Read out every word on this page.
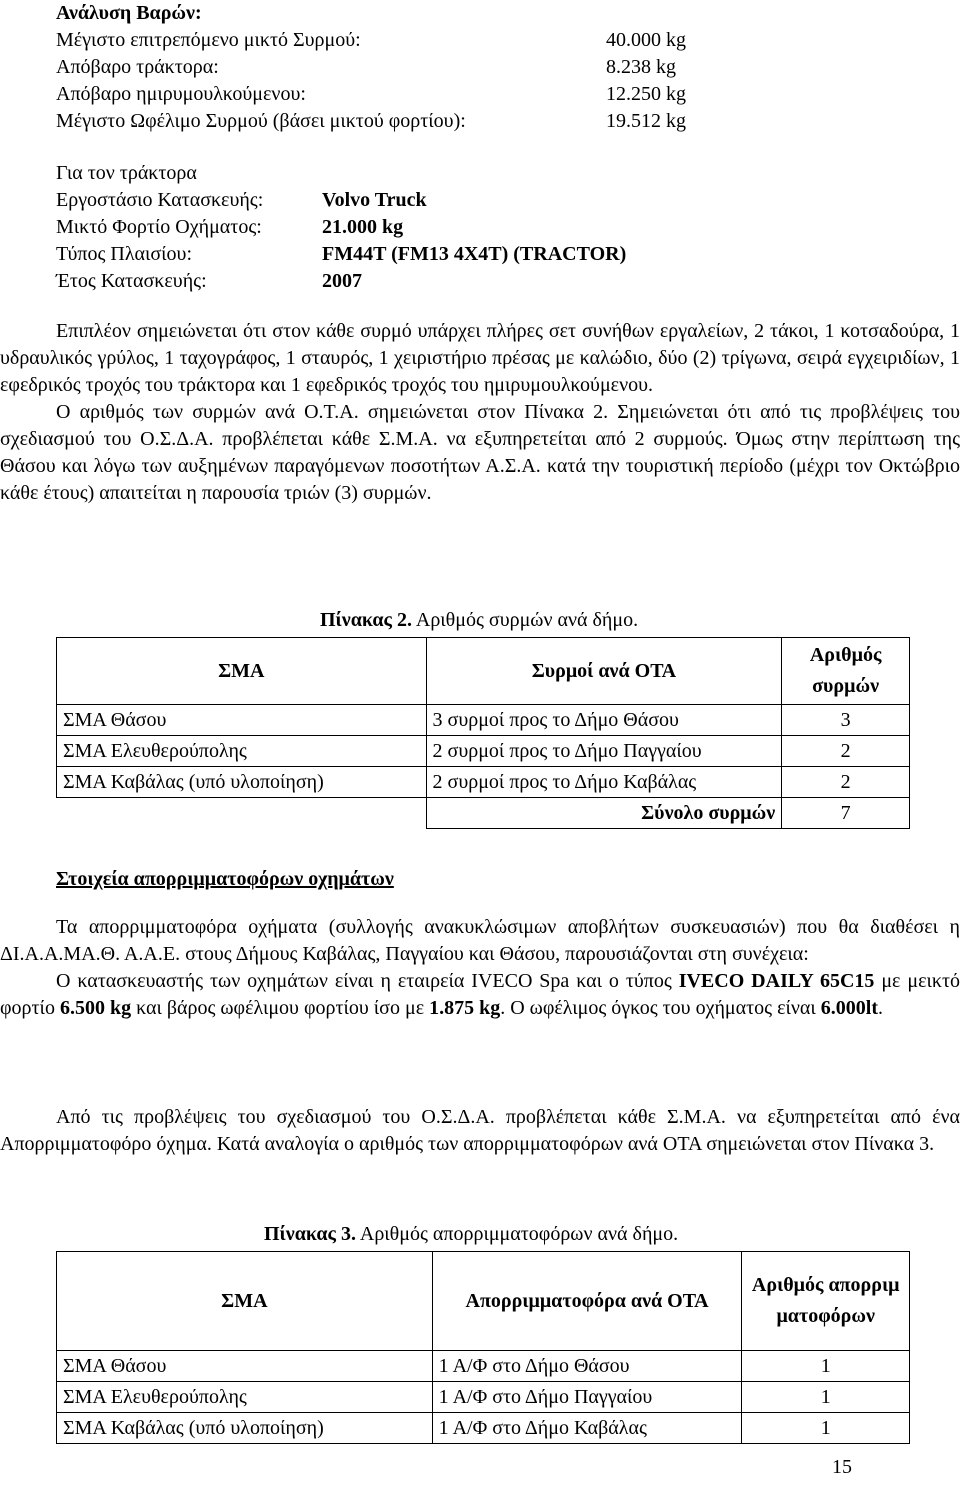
Ανάλυση Βαρών:
Μέγιστο επιτρεπόμενο μικτό Συρμού:	40.000 kg
Απόβαρο τράκτορα:	8.238 kg
Απόβαρο ημιρυμουλκούμενου:	12.250 kg
Μέγιστο Ωφέλιμο Συρμού (βάσει μικτού φορτίου):	19.512 kg
Για τον τράκτορα
Εργοστάσιο Κατασκευής:	Volvo Truck
Μικτό Φορτίο Οχήματος:	21.000 kg
Τύπος Πλαισίου:	FM44T (FM13 4X4T) (TRACTOR)
Έτος Κατασκευής:	2007

Επιπλέον σημειώνεται ότι στον κάθε συρμό υπάρχει πλήρες σετ συνήθων εργαλείων, 2 τάκοι, 1 κοτσαδούρα, 1 υδραυλικός γρύλος, 1 ταχογράφος, 1 σταυρός, 1 χειριστήριο πρέσας με καλώδιο, δύο (2) τρίγωνα, σειρά εγχειριδίων, 1 εφεδρικός τροχός του τράκτορα και 1 εφεδρικός τροχός του ημιρυμουλκούμενου.

Ο αριθμός των συρμών ανά Ο.Τ.Α. σημειώνεται στον Πίνακα 2. Σημειώνεται ότι από τις προβλέψεις του σχεδιασμού του Ο.Σ.Δ.Α. προβλέπεται κάθε Σ.Μ.Α. να εξυπηρετείται από 2 συρμούς. Όμως στην περίπτωση της Θάσου και λόγω των αυξημένων παραγόμενων ποσοτήτων Α.Σ.Α. κατά την τουριστική περίοδο (μέχρι τον Οκτώβριο κάθε έτους) απαιτείται η παρουσία τριών (3) συρμών.

Πίνακας 2. Αριθμός συρμών ανά δήμο.
ΣΜΑ	Συρμοί ανά ΟΤΑ	Αριθμός συρμών
ΣΜΑ Θάσου	3 συρμοί προς το Δήμο Θάσου	3
ΣΜΑ Ελευθερούπολης	2 συρμοί προς το Δήμο Παγγαίου	2
ΣΜΑ Καβάλας (υπό υλοποίηση)	2 συρμοί προς το Δήμο Καβάλας	2
	Σύνολο συρμών	7
Στοιχεία απορριμματοφόρων οχημάτων

Τα απορριμματοφόρα οχήματα (συλλογής ανακυκλώσιμων αποβλήτων συσκευασιών) που θα διαθέσει η ΔΙ.Α.Α.ΜΑ.Θ. Α.Α.Ε. στους Δήμους Καβάλας, Παγγαίου και Θάσου, παρουσιάζονται στη συνέχεια:

Ο κατασκευαστής των οχημάτων είναι η εταιρεία IVECO Spa και ο τύπος IVECO DAILY 65C15 με μεικτό φορτίο 6.500 kg και βάρος ωφέλιμου φορτίου ίσο με 1.875 kg. Ο ωφέλιμος όγκος του οχήματος είναι 6.000lt.

Από τις προβλέψεις του σχεδιασμού του Ο.Σ.Δ.Α. προβλέπεται κάθε Σ.Μ.Α. να εξυπηρετείται από ένα Απορριμματοφόρο όχημα. Κατά αναλογία ο αριθμός των απορριμματοφόρων ανά ΟΤΑ σημειώνεται στον Πίνακα 3.

Πίνακας 3. Αριθμός απορριμματοφόρων ανά δήμο.
ΣΜΑ	Απορριμματοφόρα ανά ΟΤΑ	Αριθμός απορριμματοφόρων
ΣΜΑ Θάσου	1 Α/Φ στο Δήμο Θάσου	1
ΣΜΑ Ελευθερούπολης	1 Α/Φ στο Δήμο Παγγαίου	1
ΣΜΑ Καβάλας (υπό υλοποίηση)	1 Α/Φ στο Δήμο Καβάλας	1
15
